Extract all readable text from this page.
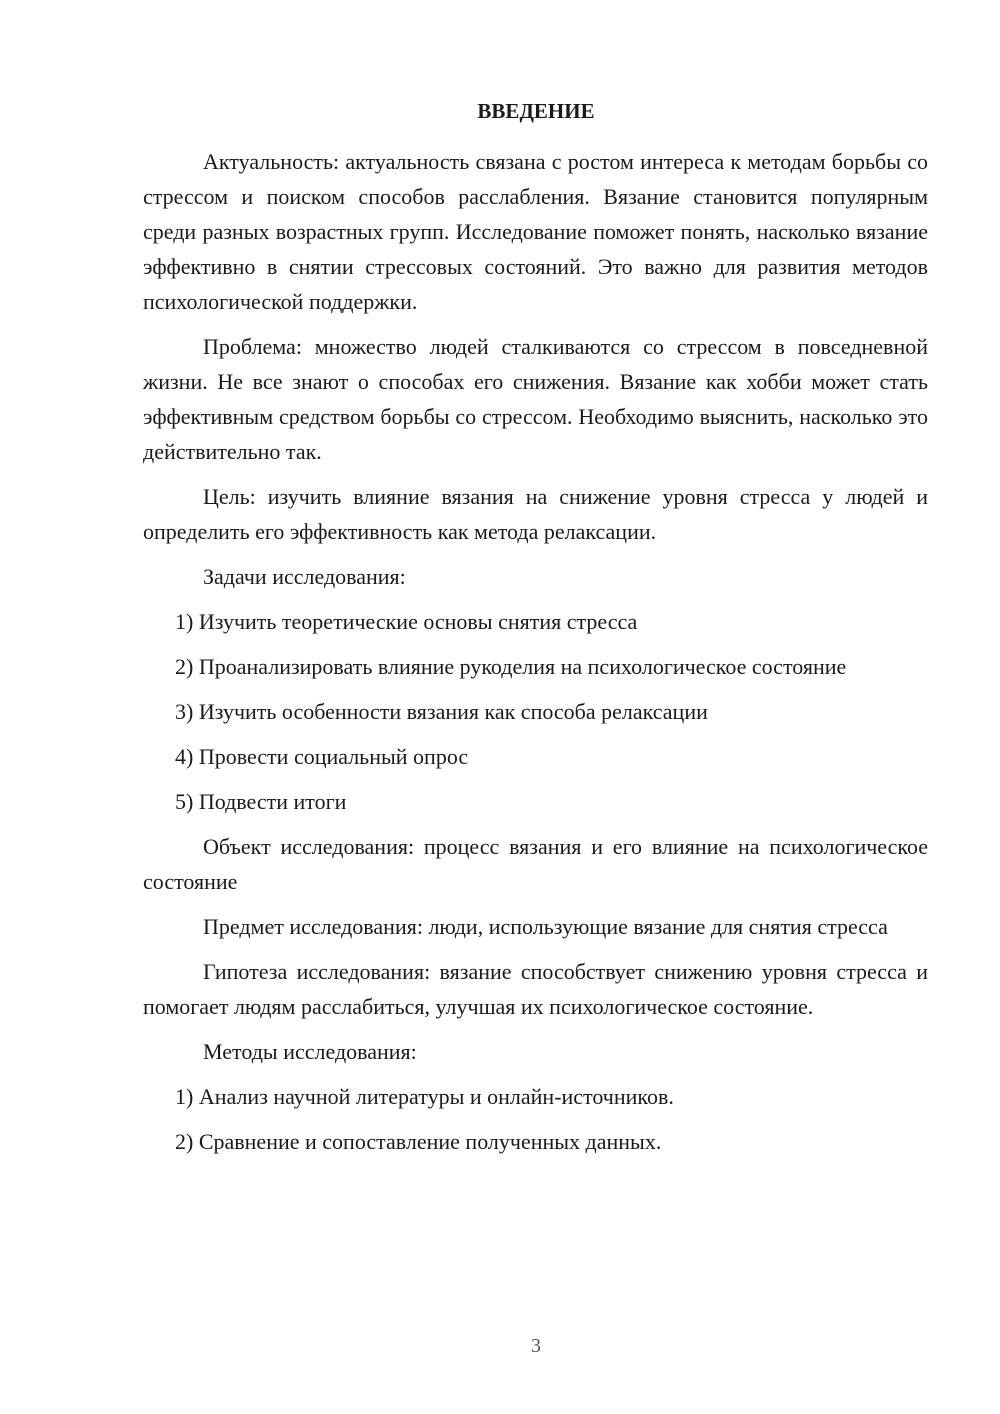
ВВЕДЕНИЕ

Актуальность: актуальность связана с ростом интереса к методам борьбы со стрессом и поиском способов расслабления. Вязание становится популярным среди разных возрастных групп. Исследование поможет понять, насколько вязание эффективно в снятии стрессовых состояний. Это важно для развития методов психологической поддержки.

Проблема: множество людей сталкиваются со стрессом в повседневной жизни. Не все знают о способах его снижения. Вязание как хобби может стать эффективным средством борьбы со стрессом. Необходимо выяснить, насколько это действительно так.

Цель: изучить влияние вязания на снижение уровня стресса у людей и определить его эффективность как метода релаксации.

Задачи исследования:

1) Изучить теоретические основы снятия стресса

2) Проанализировать влияние рукоделия на психологическое состояние

3) Изучить особенности вязания как способа релаксации

4) Провести социальный опрос

5) Подвести итоги

Объект исследования: процесс вязания и его влияние на психологическое состояние

Предмет исследования: люди, использующие вязание для снятия стресса

Гипотеза исследования: вязание способствует снижению уровня стресса и помогает людям расслабиться, улучшая их психологическое состояние.

Методы исследования:

1) Анализ научной литературы и онлайн-источников.

2) Сравнение и сопоставление полученных данных.

3
